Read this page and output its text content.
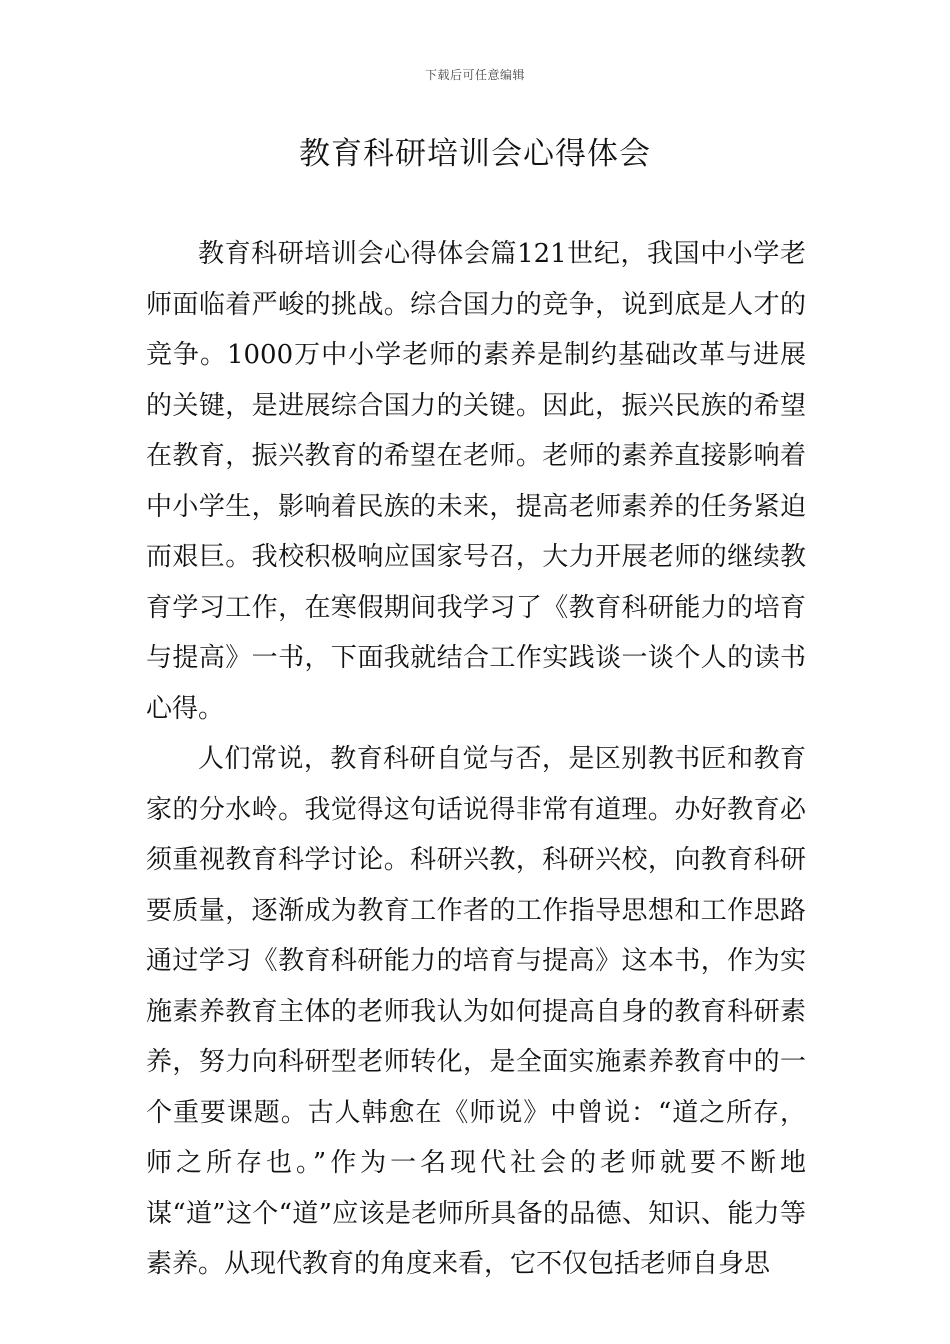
下载后可任意编辑
教育科研培训会心得体会

教育科研培训会心得体会篇121世纪，我国中小学老师面临着严峻的挑战。综合国力的竞争，说到底是人才的竞争。1000万中小学老师的素养是制约基础改革与进展的关键，是进展综合国力的关键。因此，振兴民族的希望在教育，振兴教育的希望在老师。老师的素养直接影响着中小学生，影响着民族的未来，提高老师素养的任务紧迫而艰巨。我校积极响应国家号召，大力开展老师的继续教育学习工作，在寒假期间我学习了《教育科研能力的培育与提高》一书，下面我就结合工作实践谈一谈个人的读书心得。

人们常说，教育科研自觉与否，是区别教书匠和教育家的分水岭。我觉得这句话说得非常有道理。办好教育必须重视教育科学讨论。科研兴教，科研兴校，向教育科研要质量，逐渐成为教育工作者的工作指导思想和工作思路通过学习《教育科研能力的培育与提高》这本书，作为实施素养教育主体的老师我认为如何提高自身的教育科研素养，努力向科研型老师转化，是全面实施素养教育中的一个重要课题。古人韩愈在《师说》中曾说：“道之所存，师之所存也。”作为一名现代社会的老师就要不断地谋“道”这个“道”应该是老师所具备的品德、知识、能力等素养。从现代教育的角度来看，它不仅包括老师自身思
